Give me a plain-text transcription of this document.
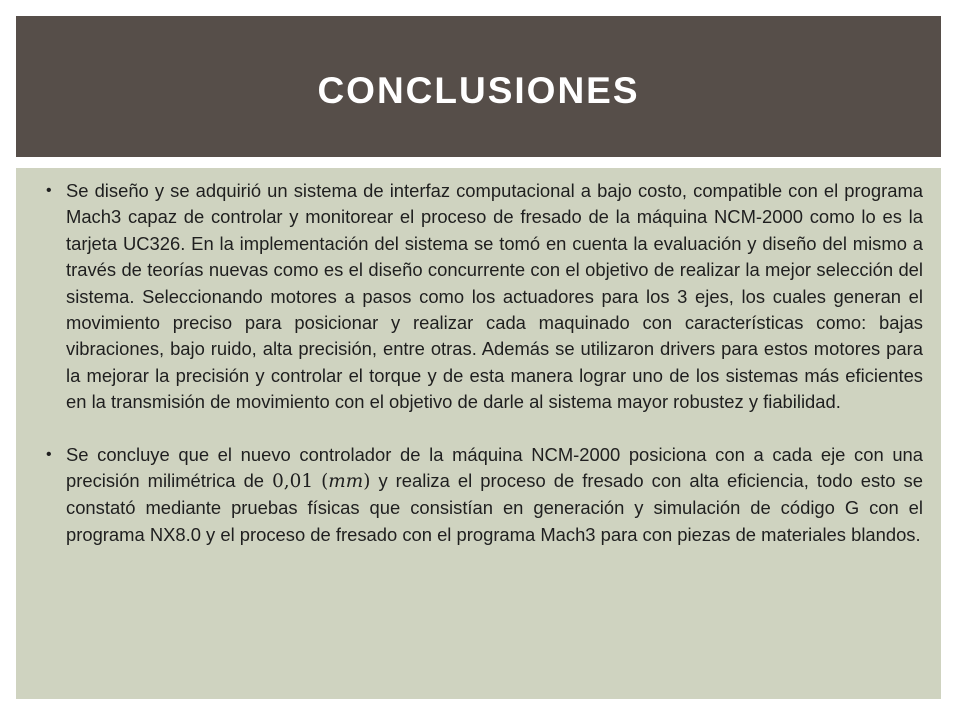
CONCLUSIONES
• Se diseño y se adquirió un sistema de interfaz computacional a bajo costo, compatible con el programa Mach3 capaz de controlar y monitorear el proceso de fresado de la máquina NCM-2000 como lo es la tarjeta UC326. En la implementación del sistema se tomó en cuenta la evaluación y diseño del mismo a través de teorías nuevas como es el diseño concurrente con el objetivo de realizar la mejor selección del sistema. Seleccionando motores a pasos como los actuadores para los 3 ejes, los cuales generan el movimiento preciso para posicionar y realizar cada maquinado con características como: bajas vibraciones, bajo ruido, alta precisión, entre otras. Además se utilizaron drivers para estos motores para la mejorar la precisión y controlar el torque y de esta manera lograr uno de los sistemas más eficientes en la transmisión de movimiento con el objetivo de darle al sistema mayor robustez y fiabilidad.
• Se concluye que el nuevo controlador de la máquina NCM-2000 posiciona con a cada eje con una precisión milimétrica de 0,01 (mm) y realiza el proceso de fresado con alta eficiencia, todo esto se constató mediante pruebas físicas que consistían en generación y simulación de código G con el programa NX8.0 y el proceso de fresado con el programa Mach3 para con piezas de materiales blandos.
